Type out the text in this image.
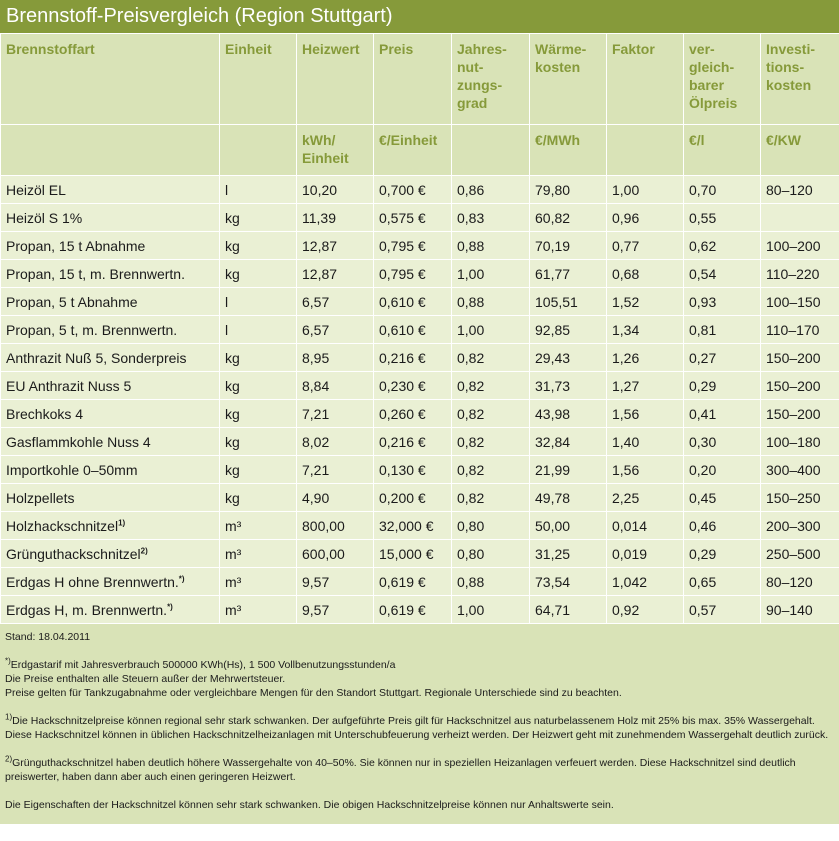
Brennstoff-Preisvergleich (Region Stuttgart)
Brennstoffart	Einheit	Heizwert	Preis	Jahres- nut- zungs- grad	Wärme- kosten	Faktor	ver- gleich- barer Ölpreis	Investi- tions- kosten
		kWh/ Einheit	€/Einheit		€/MWh		€/l	€/KW
Heizöl EL	l	10,20	0,700 €	0,86	79,80	1,00	0,70	80–120
Heizöl S 1%	kg	11,39	0,575 €	0,83	60,82	0,96	0,55	
Propan, 15 t Abnahme	kg	12,87	0,795 €	0,88	70,19	0,77	0,62	100–200
Propan, 15 t, m. Brennwertn.	kg	12,87	0,795 €	1,00	61,77	0,68	0,54	110–220
Propan, 5 t Abnahme	l	6,57	0,610 €	0,88	105,51	1,52	0,93	100–150
Propan, 5 t, m. Brennwertn.	l	6,57	0,610 €	1,00	92,85	1,34	0,81	110–170
Anthrazit Nuß 5, Sonderpreis	kg	8,95	0,216 €	0,82	29,43	1,26	0,27	150–200
EU Anthrazit Nuss 5	kg	8,84	0,230 €	0,82	31,73	1,27	0,29	150–200
Brechkoks 4	kg	7,21	0,260 €	0,82	43,98	1,56	0,41	150–200
Gasflammkohle Nuss 4	kg	8,02	0,216 €	0,82	32,84	1,40	0,30	100–180
Importkohle 0–50mm	kg	7,21	0,130 €	0,82	21,99	1,56	0,20	300–400
Holzpellets	kg	4,90	0,200 €	0,82	49,78	2,25	0,45	150–250
Holzhackschnitzel$^{1)}$	m³	800,00	32,000 €	0,80	50,00	0,014	0,46	200–300
Grünguthackschnitzel$^{2)}$	m³	600,00	15,000 €	0,80	31,25	0,019	0,29	250–500
Erdgas H ohne Brennwertn.*)	m³	9,57	0,619 €	0,88	73,54	1,042	0,65	80–120
Erdgas H, m. Brennwertn.*)	m³	9,57	0,619 €	1,00	64,71	0,92	0,57	90–140

Stand: 18.04.2011

*)Erdgastarif mit Jahresverbrauch 500000 KWh(Hs), 1 500 Vollbenutzungsstunden/a

Die Preise enthalten alle Steuern außer der Mehrwertsteuer.

Preise gelten für Tankzugabnahme oder vergleichbare Mengen für den Standort Stuttgart. Regionale Unterschiede sind zu beachten.

$^{1)}$Die Hackschnitzelpreise können regional sehr stark schwanken. Der aufgeführte Preis gilt für Hackschnitzel aus naturbelassenem Holz mit 25% bis max. 35% Wassergehalt. Diese Hackschnitzel können in üblichen Hackschnitzelheizanlagen mit Unterschubfeuerung verheizt werden. Der Heizwert geht mit zunehmendem Wassergehalt deutlich zurück.

$^{2)}$Grünguthackschnitzel haben deutlich höhere Wassergehalte von 40–50%. Sie können nur in speziellen Heizanlagen verfeuert werden. Diese Hackschnitzel sind deutlich preiswerter, haben dann aber auch einen geringeren Heizwert.

Die Eigenschaften der Hackschnitzel können sehr stark schwanken. Die obigen Hackschnitzelpreise können nur Anhaltswerte sein.
